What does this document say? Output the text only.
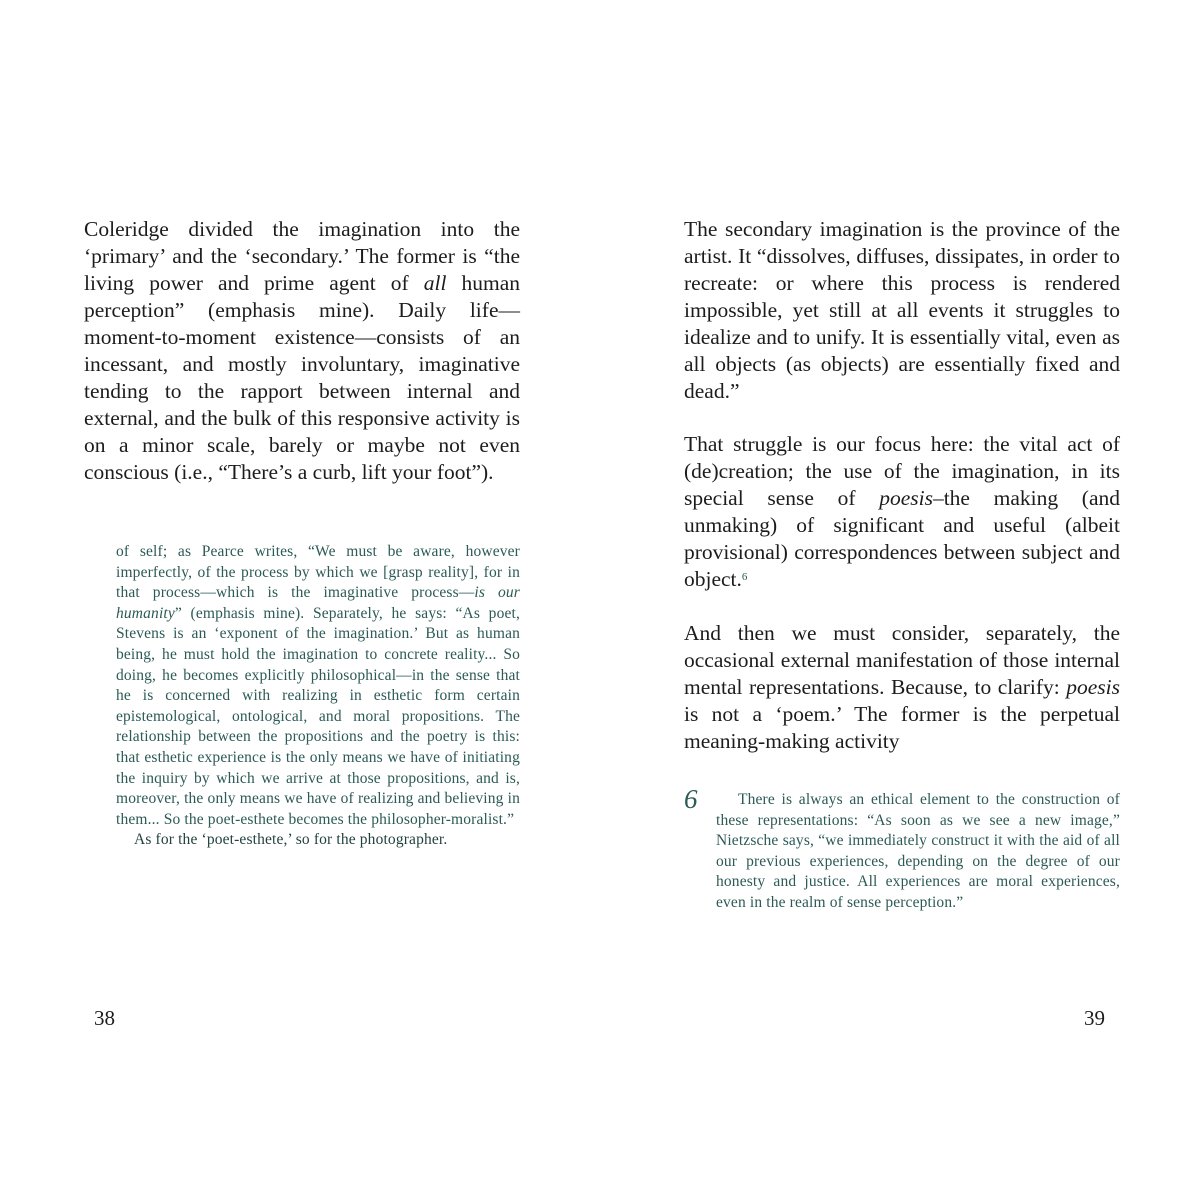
Coleridge divided the imagination into the ‘primary’ and the ‘secondary.’ The former is “the living power and prime agent of all human perception” (emphasis mine). Daily life—moment-to-moment existence—consists of an incessant, and mostly involuntary, imaginative tending to the rapport between internal and external, and the bulk of this responsive activity is on a minor scale, barely or maybe not even conscious (i.e., “There’s a curb, lift your foot”).

of self; as Pearce writes, “We must be aware, however imperfectly, of the process by which we [grasp reality], for in that process—which is the imaginative process—is our humanity” (emphasis mine). Separately, he says: “As poet, Stevens is an ‘exponent of the imagination.’ But as human being, he must hold the imagination to concrete reality... So doing, he becomes explicitly philosophical—in the sense that he is concerned with realizing in esthetic form certain epistemological, ontological, and moral propositions. The relationship between the propositions and the poetry is this: that esthetic experience is the only means we have of initiating the inquiry by which we arrive at those propositions, and is, moreover, the only means we have of realizing and believing in them... So the poet-esthete becomes the philosopher-moralist.”
As for the ‘poet-esthete,’ so for the photographer.
38

The secondary imagination is the province of the artist. It “dissolves, diffuses, dissipates, in order to recreate: or where this process is rendered impossible, yet still at all events it struggles to idealize and to unify. It is essentially vital, even as all objects (as objects) are essentially fixed and dead.”

That struggle is our focus here: the vital act of (de)creation; the use of the imagination, in its special sense of poesis–the making (and unmaking) of significant and useful (albeit provisional) correspondences between subject and object.$^6$

And then we must consider, separately, the occasional external manifestation of those internal mental representations. Because, to clarify: poesis is not a ‘poem.’ The former is the perpetual meaning-making activity

6	There is always an ethical element to the construction of these representations: “As soon as we see a new image,” Nietzsche says, “we immediately construct it with the aid of all our previous experiences, depending on the degree of our honesty and justice. All experiences are moral experiences, even in the realm of sense perception.”
39
